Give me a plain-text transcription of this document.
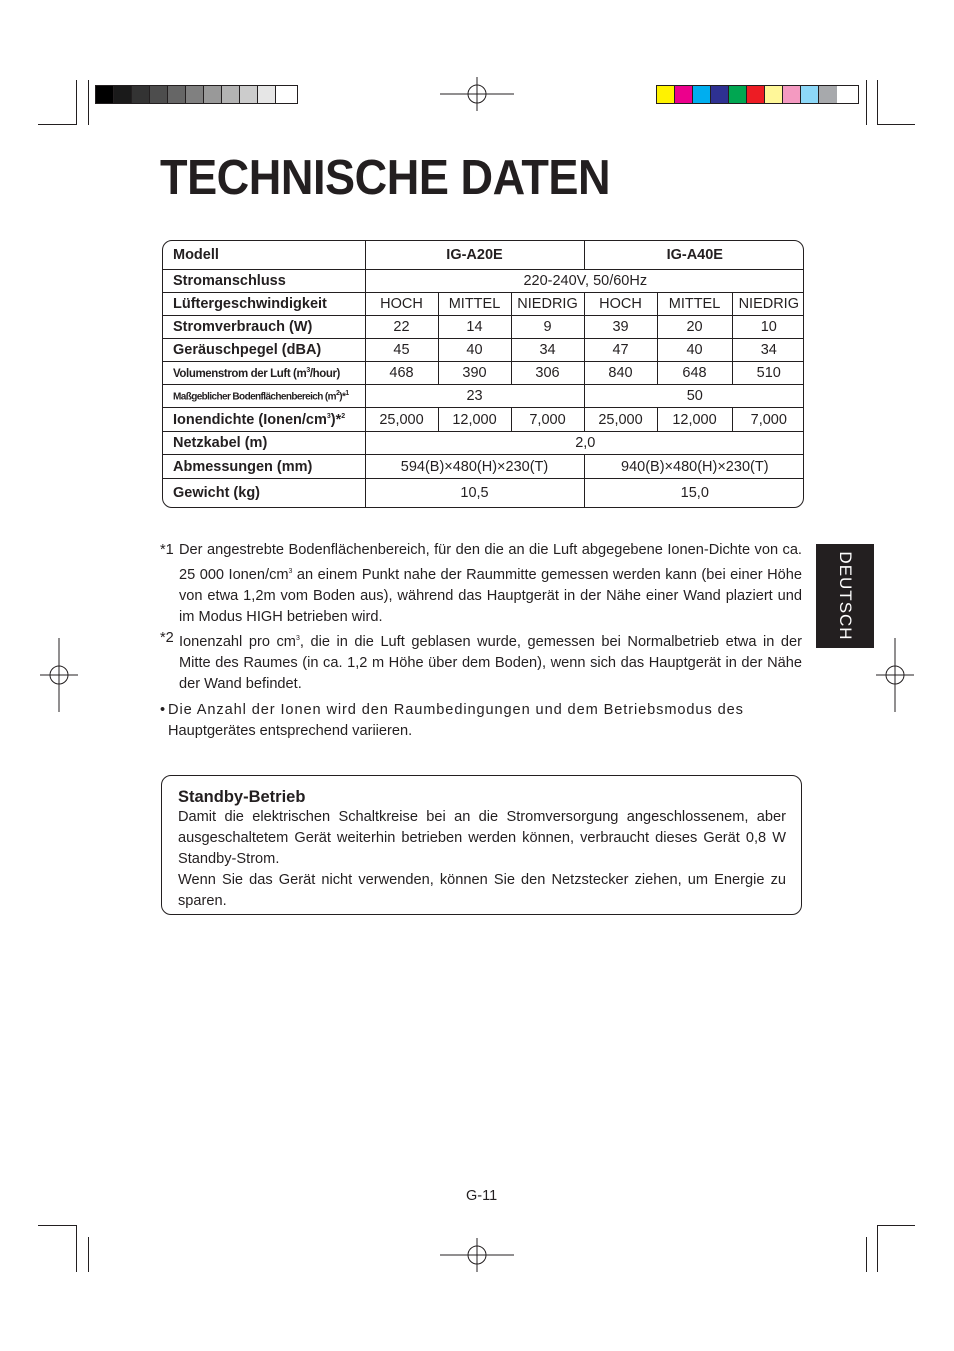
TECHNISCHE DATEN
Modell	IG-A20E			IG-A40E		
Stromanschluss	220-240V, 50/60Hz					
Lüftergeschwindigkeit	HOCH	MITTEL	NIEDRIG	HOCH	MITTEL	NIEDRIG
Stromverbrauch (W)	22	14	9	39	20	10
Geräuschpegel (dBA)	45	40	34	47	40	34
Volumenstrom der Luft $(m^3/hour)$	468	390	306	840	648	510
Maßgeblicher Bodenflächenbereich $(m^2)*^1$	23			50		
Ionendichte $(Ionen/cm^3)*^2$	25,000	12,000	7,000	25,000	12,000	7,000
Netzkabel (m)	2,0					
Abmessungen (mm)	594(B)×480(H)×230(T)			940(B)×480(H)×230(T)		
Gewicht (kg)	10,5			15,0		
*1 Der angestrebte Bodenflächenbereich, für den die an die Luft abgegebene Ionen-Dichte von ca. 25 000 Ionen/$cm^3$ an einem Punkt nahe der Raummitte gemessen werden kann (bei einer Höhe von etwa 1,2m vom Boden aus), während das Hauptgerät in der Nähe einer Wand plaziert und im Modus HIGH betrieben wird.
*2 Ionenzahl pro $cm^3$, die in die Luft geblasen wurde, gemessen bei Normalbetrieb etwa in der Mitte des Raumes (in ca. 1,2 m Höhe über dem Boden), wenn sich das Hauptgerät in der Nähe der Wand befindet.
• Die Anzahl der Ionen wird den Raumbedingungen und dem Betriebsmodus des
Hauptgerätes entsprechend variieren.
Standby-Betrieb

Damit die elektrischen Schaltkreise bei an die Stromversorgung angeschlossenem, aber ausgeschaltetem Gerät weiterhin betrieben werden können, verbraucht dieses Gerät 0,8 W Standby-Strom.

Wenn Sie das Gerät nicht verwenden, können Sie den Netzstecker ziehen, um Energie zu sparen.

DEUTSCH
G-11
